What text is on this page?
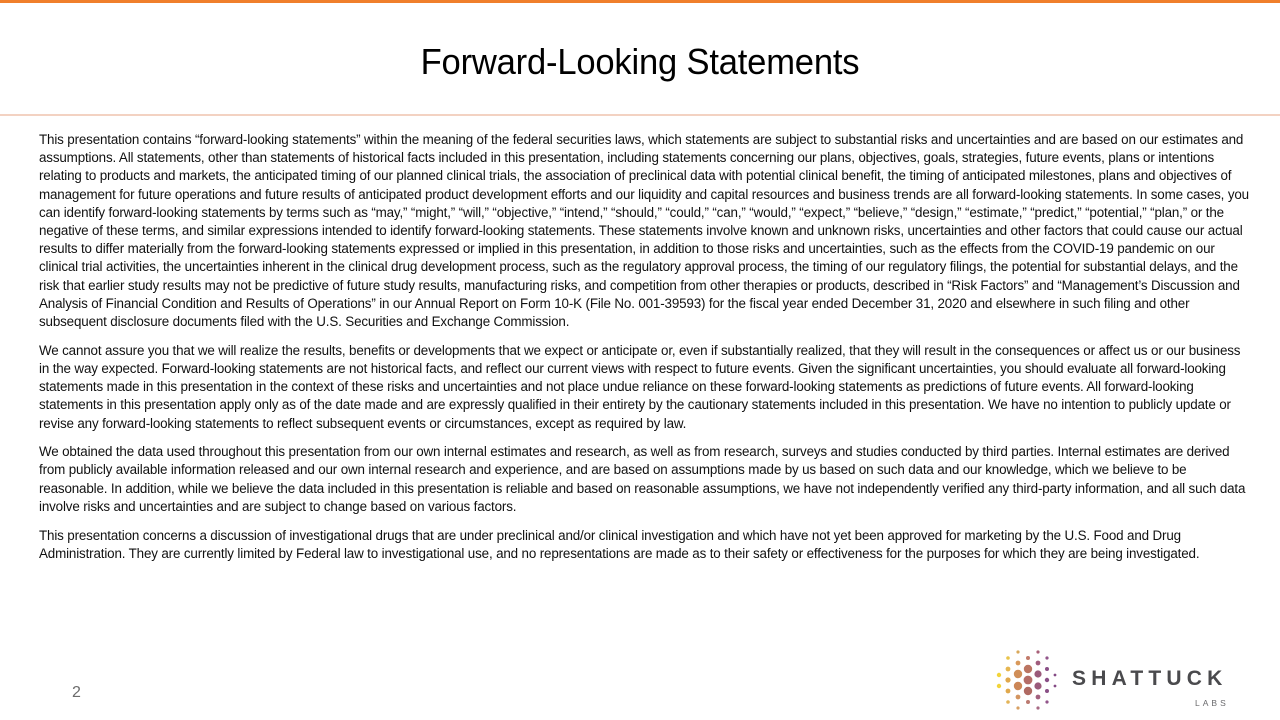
Forward-Looking Statements

This presentation contains “forward-looking statements” within the meaning of the federal securities laws, which statements are subject to substantial risks and uncertainties and are based on our estimates and assumptions. All statements, other than statements of historical facts included in this presentation, including statements concerning our plans, objectives, goals, strategies, future events, plans or intentions relating to products and markets, the anticipated timing of our planned clinical trials, the association of preclinical data with potential clinical benefit, the timing of anticipated milestones, plans and objectives of management for future operations and future results of anticipated product development efforts and our liquidity and capital resources and business trends are all forward-looking statements. In some cases, you can identify forward-looking statements by terms such as “may,” “might,” “will,” “objective,” “intend,” “should,” “could,” “can,” “would,” “expect,” “believe,” “design,” “estimate,” “predict,” “potential,” “plan,” or the negative of these terms, and similar expressions intended to identify forward-looking statements. These statements involve known and unknown risks, uncertainties and other factors that could cause our actual results to differ materially from the forward-looking statements expressed or implied in this presentation, in addition to those risks and uncertainties, such as the effects from the COVID-19 pandemic on our clinical trial activities, the uncertainties inherent in the clinical drug development process, such as the regulatory approval process, the timing of our regulatory filings, the potential for substantial delays, and the risk that earlier study results may not be predictive of future study results, manufacturing risks, and competition from other therapies or products, described in “Risk Factors” and “Management’s Discussion and Analysis of Financial Condition and Results of Operations” in our Annual Report on Form 10-K (File No. 001-39593) for the fiscal year ended December 31, 2020 and elsewhere in such filing and other subsequent disclosure documents filed with the U.S. Securities and Exchange Commission.

We cannot assure you that we will realize the results, benefits or developments that we expect or anticipate or, even if substantially realized, that they will result in the consequences or affect us or our business in the way expected. Forward-looking statements are not historical facts, and reflect our current views with respect to future events. Given the significant uncertainties, you should evaluate all forward-looking statements made in this presentation in the context of these risks and uncertainties and not place undue reliance on these forward-looking statements as predictions of future events. All forward-looking statements in this presentation apply only as of the date made and are expressly qualified in their entirety by the cautionary statements included in this presentation. We have no intention to publicly update or revise any forward-looking statements to reflect subsequent events or circumstances, except as required by law.

We obtained the data used throughout this presentation from our own internal estimates and research, as well as from research, surveys and studies conducted by third parties. Internal estimates are derived from publicly available information released and our own internal research and experience, and are based on assumptions made by us based on such data and our knowledge, which we believe to be reasonable. In addition, while we believe the data included in this presentation is reliable and based on reasonable assumptions, we have not independently verified any third-party information, and all such data involve risks and uncertainties and are subject to change based on various factors.

This presentation concerns a discussion of investigational drugs that are under preclinical and/or clinical investigation and which have not yet been approved for marketing by the U.S. Food and Drug Administration. They are currently limited by Federal law to investigational use, and no representations are made as to their safety or effectiveness for the purposes for which they are being investigated.

2
SHATTUCK
LABS
